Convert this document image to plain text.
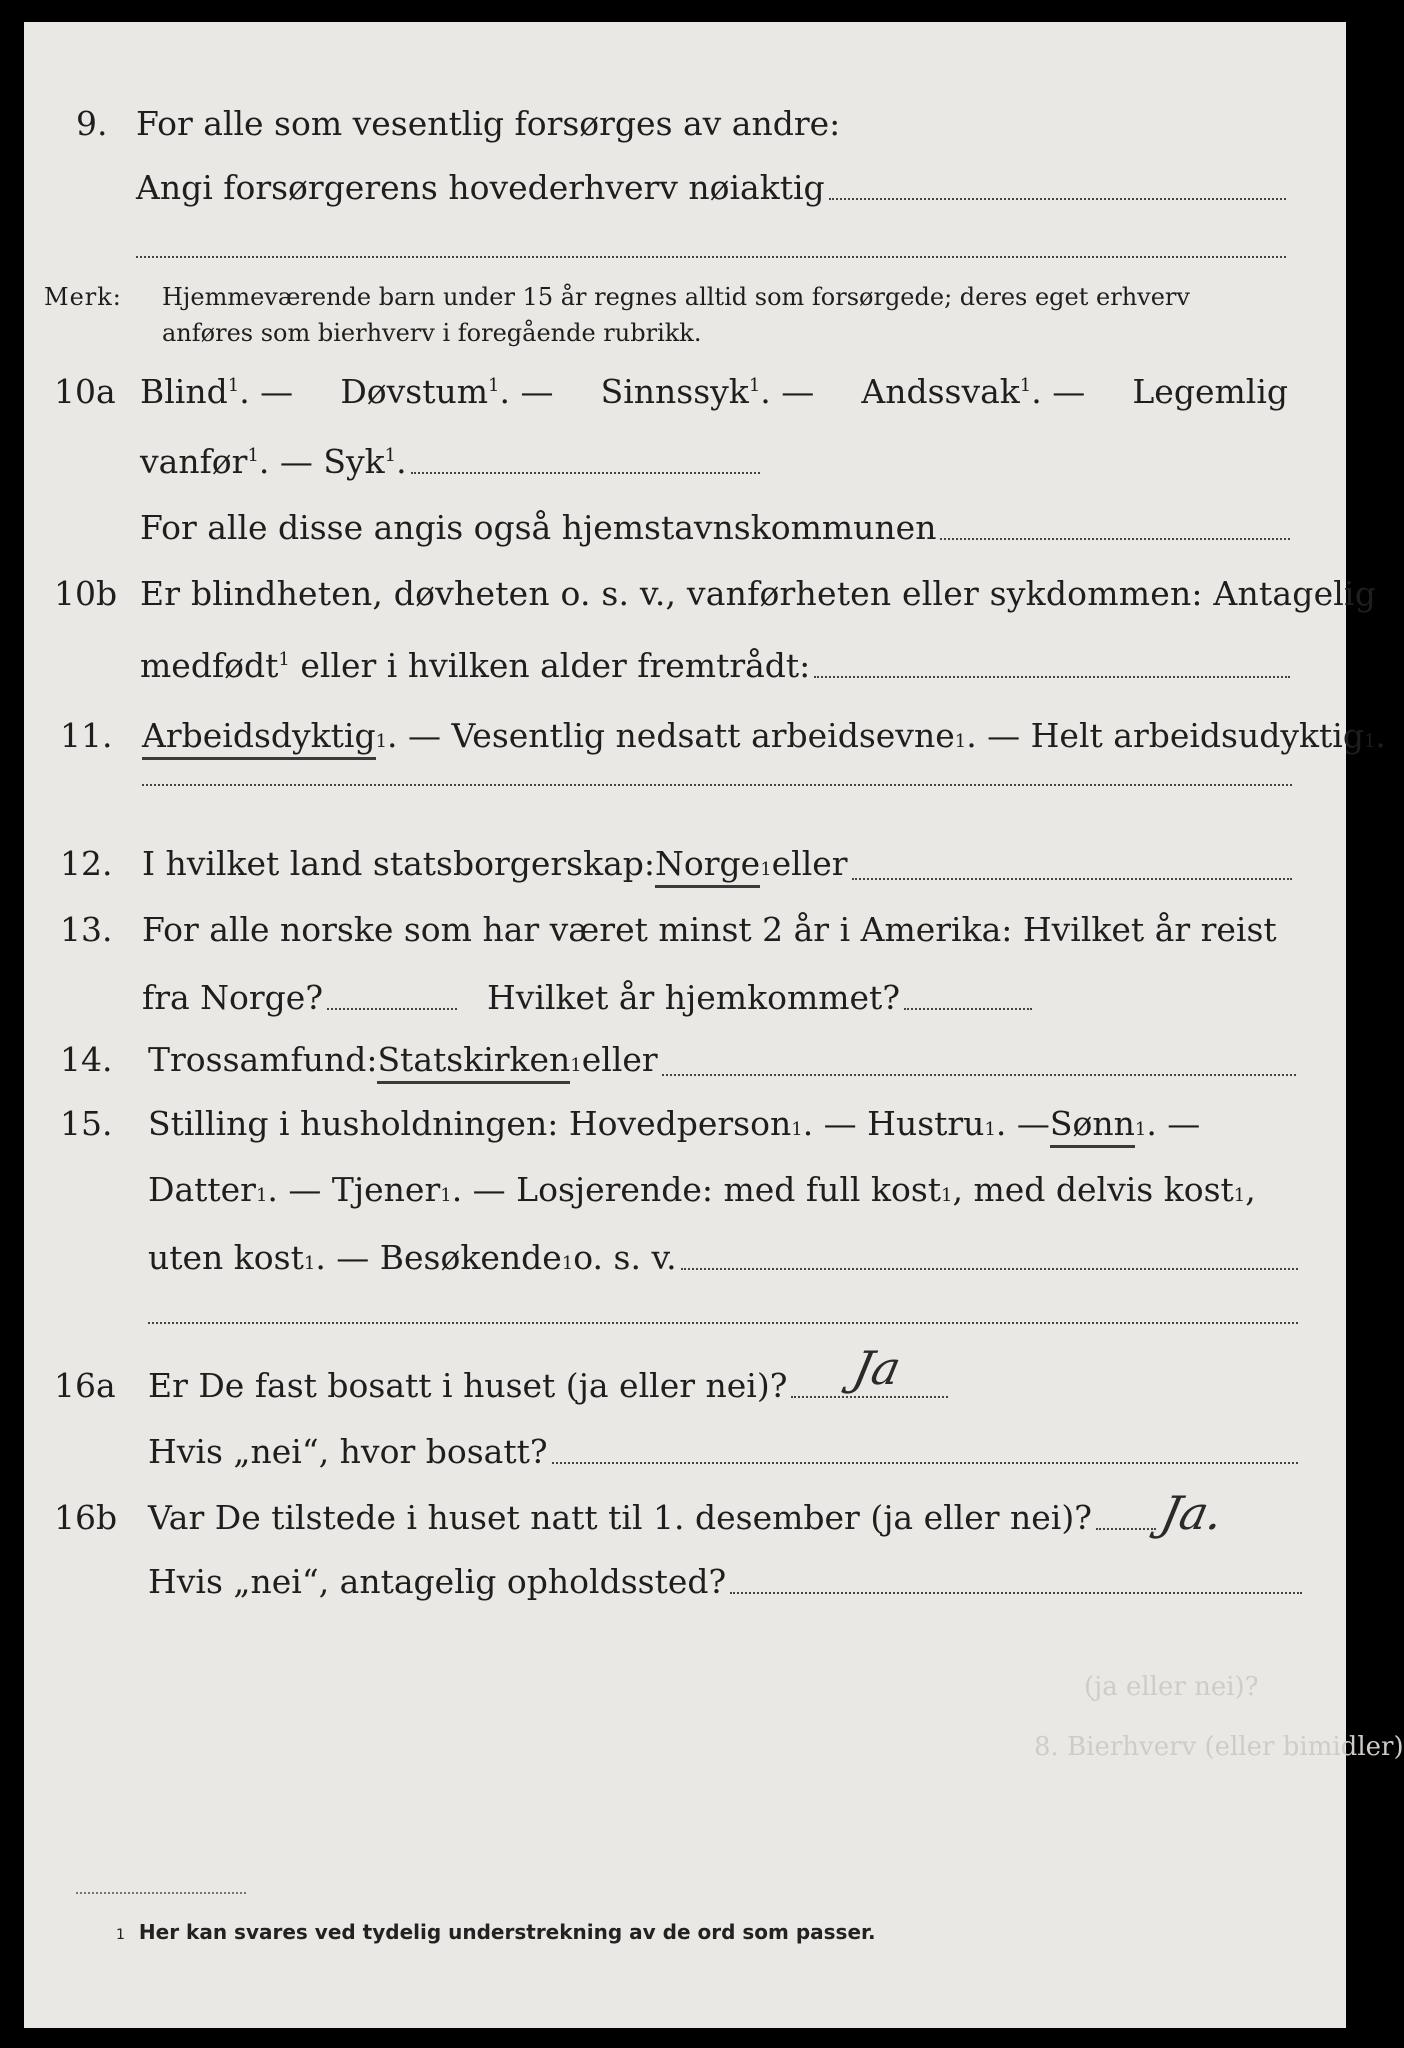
(ja eller nei)?
8. Bierhverv (eller bimidler)
9. For alle som vesentlig forsørges av andre:
Angi forsørgerens hovederhverv nøiaktig
Merk: Hjemmeværende barn under 15 år regnes alltid som forsørgede; deres eget erhverv
anføres som bierhverv i foregående rubrikk.
10a Blind$^1$. — Døvstum$^1$. — Sinnssyk$^1$. — Andssvak$^1$. — Legemlig
vanfør$^1$. — Syk$^1$.
For alle disse angis også hjemstavnskommunen
10b Er blindheten, døvheten o. s. v., vanførheten eller sykdommen: Antagelig
medfødt$^1$ eller i hvilken alder fremtrådt:
11. Arbeidsdyktig 1 . — Vesentlig nedsatt arbeidsevne 1 . — Helt arbeidsudyktig 1 .
12. I hvilket land statsborgerskap: Norge 1 eller
13. For alle norske som har været minst 2 år i Amerika: Hvilket år reist
fra Norge?	Hvilket år hjemkommet?
14. Trossamfund: Statskirken 1 eller
15. Stilling i husholdningen: Hovedperson 1 . — Hustru 1 . — Sønn 1 . —
Datter 1 . — Tjener 1 . — Losjerende: med full kost 1 , med delvis kost 1 ,
uten kost 1 . — Besøkende 1 o. s. v.
16a Er De fast bosatt i huset (ja eller nei)? Ja
Hvis „nei“, hvor bosatt?
16b Var De tilstede i huset natt til 1. desember (ja eller nei)? Ja.
Hvis „nei“, antagelig opholdssted?
1 Her kan svares ved tydelig understrekning av de ord som passer.
